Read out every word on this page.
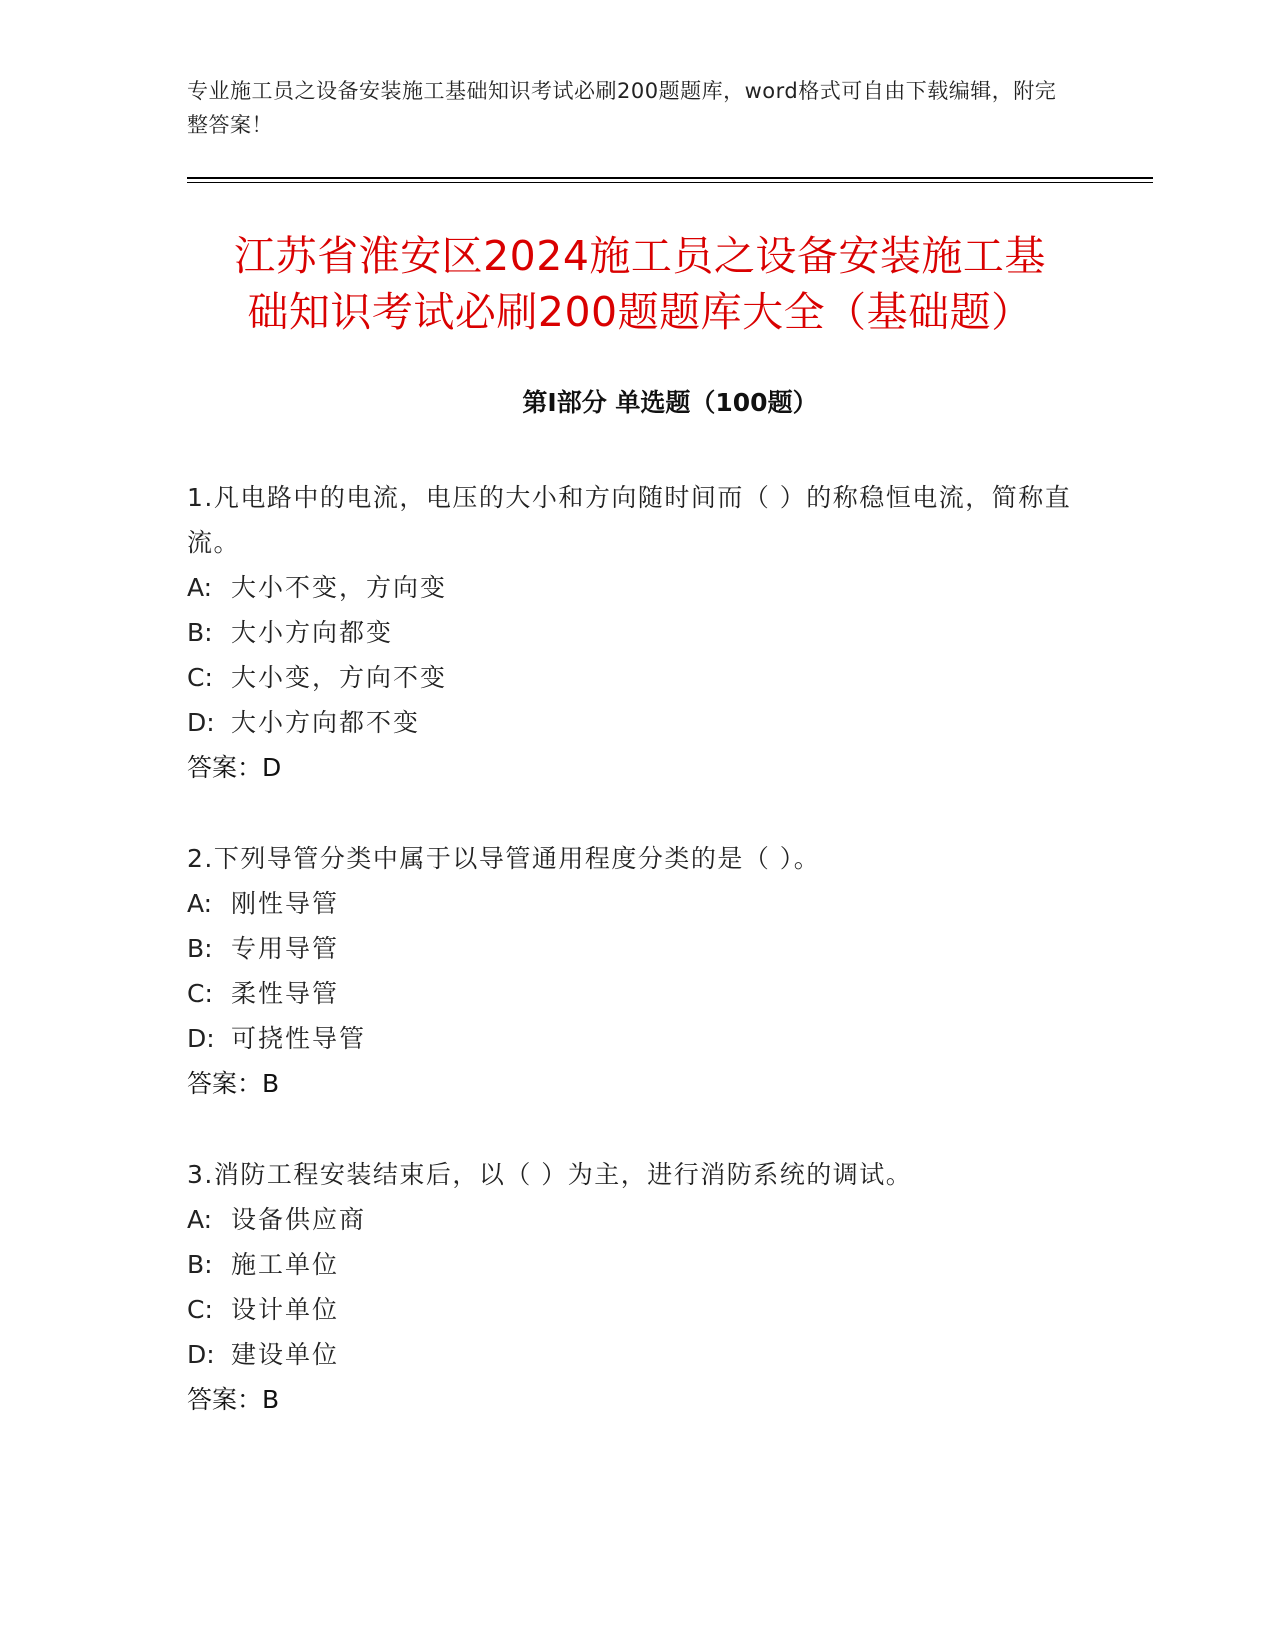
专业施工员之设备安装施工基础知识考试必刷200题题库，word格式可自由下载编辑，附完整答案！
江苏省淮安区2024施工员之设备安装施工基
础知识考试必刷200题题库大全（基础题）
第Ⅰ部分 单选题（100题）

1.凡电路中的电流，电压的大小和方向随时间而（ ）的称稳恒电流，简称直流。

A: 大小不变，方向变

B: 大小方向都变

C: 大小变，方向不变

D: 大小方向都不变

答案：D

2.下列导管分类中属于以导管通用程度分类的是（ ）。

A: 刚性导管

B: 专用导管

C: 柔性导管

D: 可挠性导管

答案：B

3.消防工程安装结束后，以（ ）为主，进行消防系统的调试。

A: 设备供应商

B: 施工单位

C: 设计单位

D: 建设单位

答案：B
